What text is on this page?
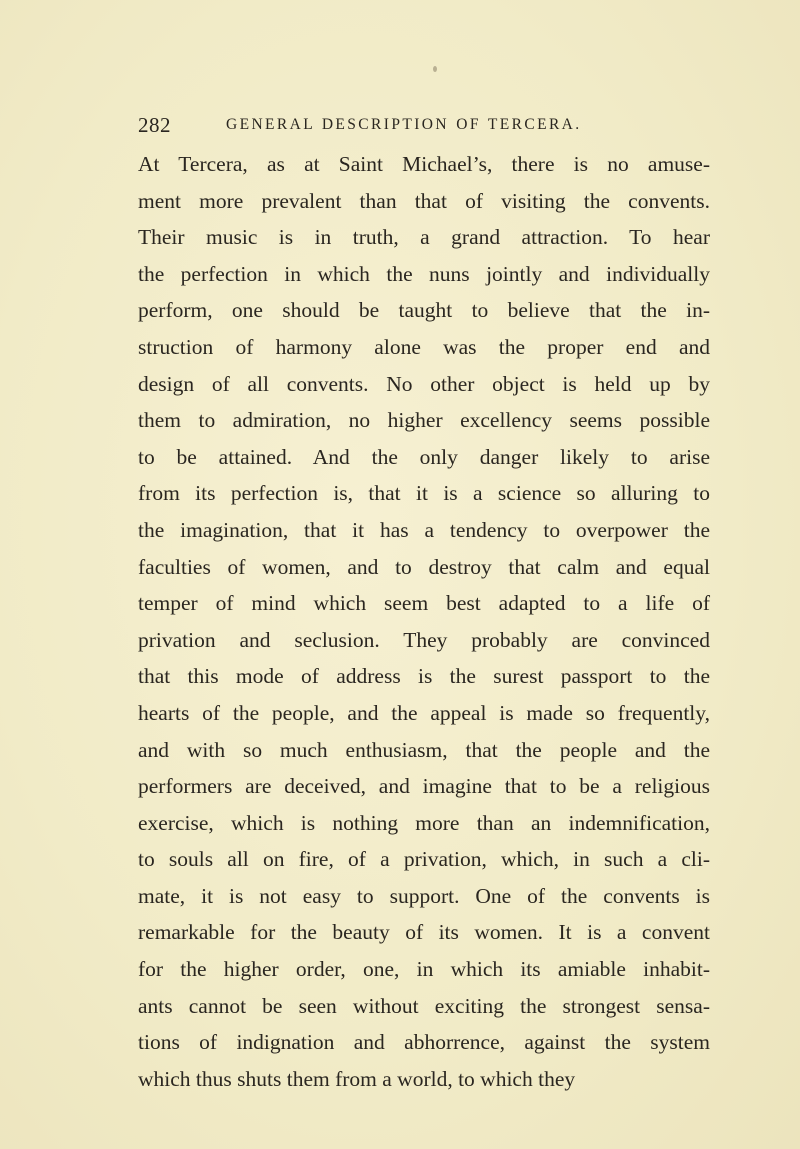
282	GENERAL DESCRIPTION OF TERCERA.
At Tercera, as at Saint Michael’s, there is no amuse-
ment more prevalent than that of visiting the convents.
Their music is in truth, a grand attraction. To hear
the perfection in which the nuns jointly and individually
perform, one should be taught to believe that the in-
struction of harmony alone was the proper end and
design of all convents. No other object is held up by
them to admiration, no higher excellency seems possible
to be attained. And the only danger likely to arise
from its perfection is, that it is a science so alluring to
the imagination, that it has a tendency to overpower the
faculties of women, and to destroy that calm and equal
temper of mind which seem best adapted to a life of
privation and seclusion. They probably are convinced
that this mode of address is the surest passport to the
hearts of the people, and the appeal is made so frequently,
and with so much enthusiasm, that the people and the
performers are deceived, and imagine that to be a religious
exercise, which is nothing more than an indemnification,
to souls all on fire, of a privation, which, in such a cli-
mate, it is not easy to support. One of the convents is
remarkable for the beauty of its women. It is a convent
for the higher order, one, in which its amiable inhabit-
ants cannot be seen without exciting the strongest sensa-
tions of indignation and abhorrence, against the system
which thus shuts them from a world, to which they
